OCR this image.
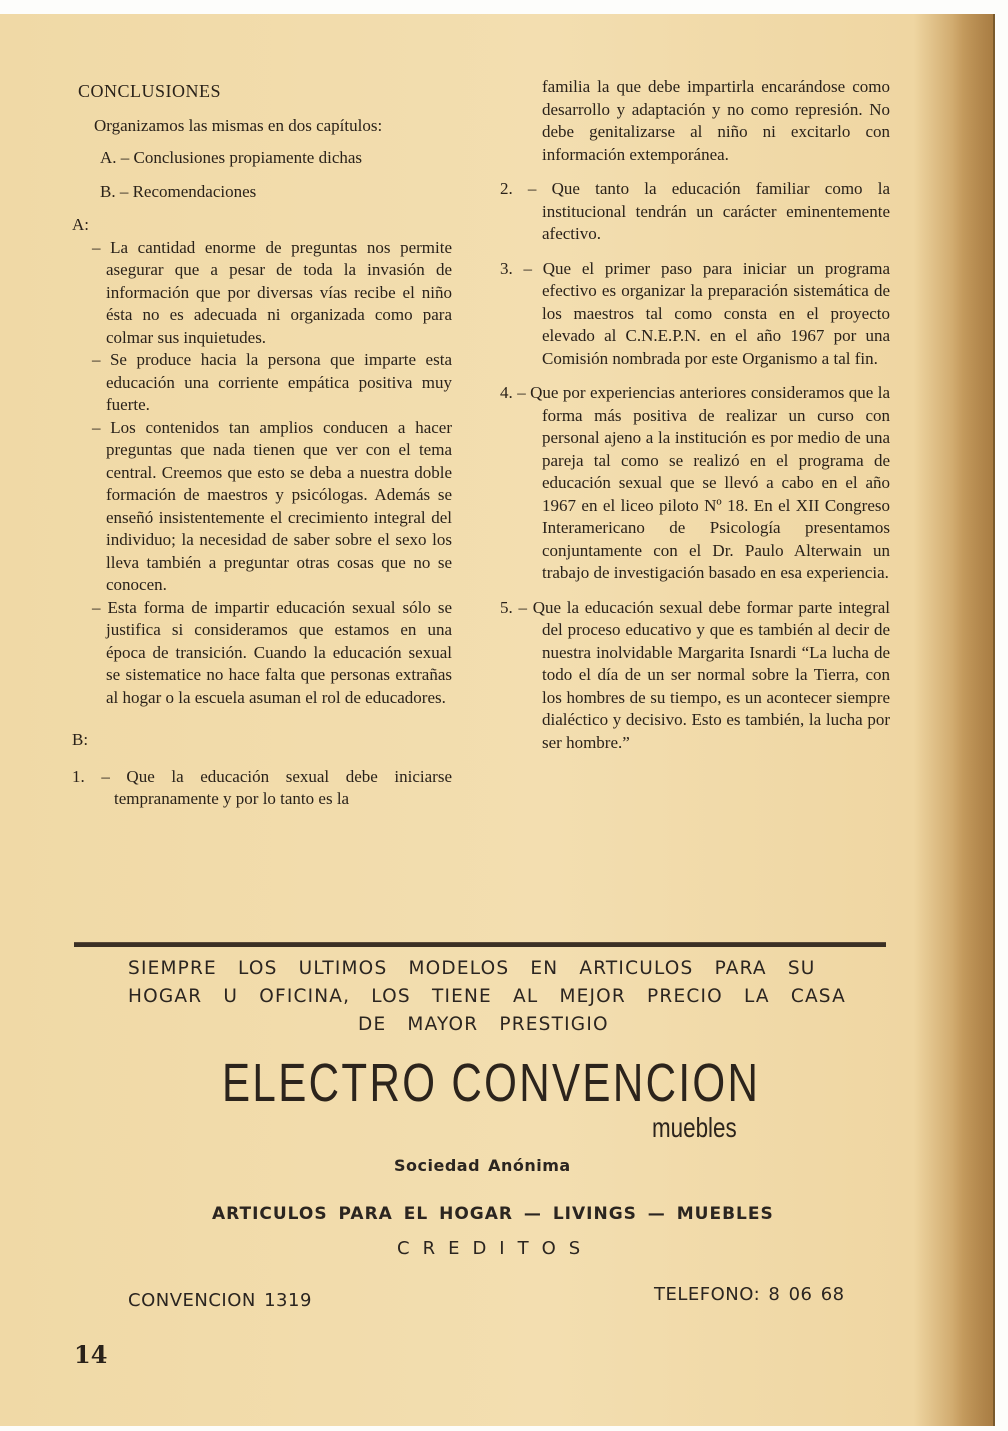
CONCLUSIONES
Organizamos las mismas en dos capítulos:
A. – Conclusiones propiamente dichas
B. – Recomendaciones
A:
– La cantidad enorme de preguntas nos permite asegurar que a pesar de toda la invasión de información que por diversas vías recibe el niño ésta no es adecuada ni organizada como para colmar sus inquietudes.
– Se produce hacia la persona que imparte esta educación una corriente empática positiva muy fuerte.
– Los contenidos tan amplios conducen a hacer preguntas que nada tienen que ver con el tema central. Creemos que esto se deba a nuestra doble formación de maestros y psicólogas. Además se enseñó insistentemente el crecimiento integral del individuo; la necesidad de saber sobre el sexo los lleva también a preguntar otras cosas que no se conocen.
– Esta forma de impartir educación sexual sólo se justifica si consideramos que estamos en una época de transición. Cuando la educación sexual se sistematice no hace falta que personas extrañas al hogar o la escuela asuman el rol de educadores.
B:
1. – Que la educación sexual debe iniciarse tempranamente y por lo tanto es la
familia la que debe impartirla encarándose como desarrollo y adaptación y no como represión. No debe genitalizarse al niño ni excitarlo con información extemporánea.
2. – Que tanto la educación familiar como la institucional tendrán un carácter eminentemente afectivo.
3. – Que el primer paso para iniciar un programa efectivo es organizar la preparación sistemática de los maestros tal como consta en el proyecto elevado al C.N.E.P.N. en el año 1967 por una Comisión nombrada por este Organismo a tal fin.
4. – Que por experiencias anteriores consideramos que la forma más positiva de realizar un curso con personal ajeno a la institución es por medio de una pareja tal como se realizó en el programa de educación sexual que se llevó a cabo en el año 1967 en el liceo piloto Nº 18. En el XII Congreso Interamericano de Psicología presentamos conjuntamente con el Dr. Paulo Alterwain un trabajo de investigación basado en esa experiencia.
5. – Que la educación sexual debe formar parte integral del proceso educativo y que es también al decir de nuestra inolvidable Margarita Isnardi “La lucha de todo el día de un ser normal sobre la Tierra, con los hombres de su tiempo, es un acontecer siempre dialéctico y decisivo. Esto es también, la lucha por ser hombre.”
SIEMPRE LOS ULTIMOS MODELOS EN ARTICULOS PARA SU
HOGAR U OFICINA, LOS TIENE AL MEJOR PRECIO LA CASA
DE MAYOR PRESTIGIO
ELECTRO CONVENCION
muebles
Sociedad Anónima
ARTICULOS PARA EL HOGAR — LIVINGS — MUEBLES
CREDITOS
CONVENCION 1319	TELEFONO: 8 06 68
14
